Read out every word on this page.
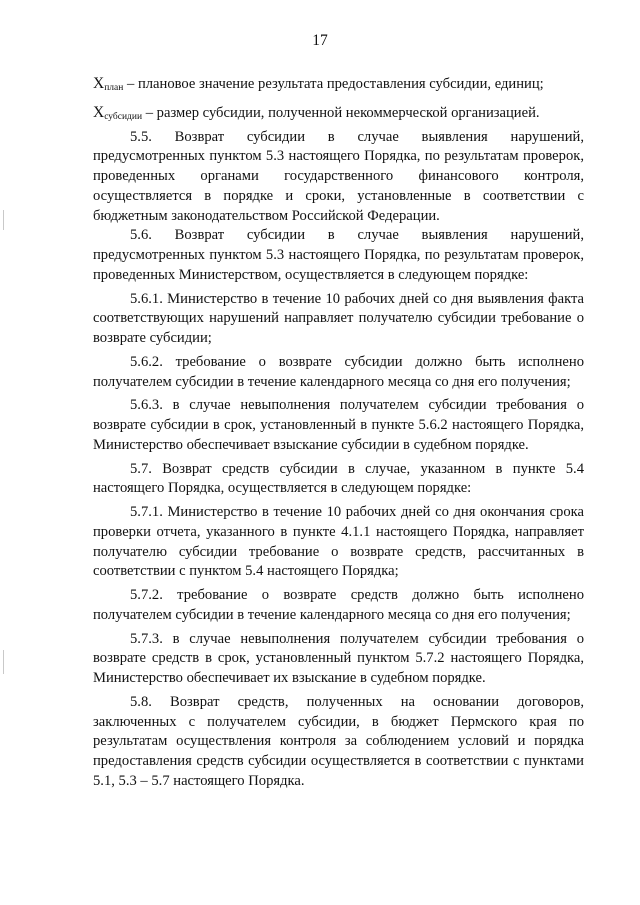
17

$X_{план}$ – плановое значение результата предоставления субсидии, единиц;

$X_{субсидии}$ – размер субсидии, полученной некоммерческой организацией.

5.5. Возврат субсидии в случае выявления нарушений, предусмотренных пунктом 5.3 настоящего Порядка, по результатам проверок, проведенных органами государственного финансового контроля, осуществляется в порядке и сроки, установленные в соответствии с бюджетным законодательством Российской Федерации.

5.6. Возврат субсидии в случае выявления нарушений, предусмотренных пунктом 5.3 настоящего Порядка, по результатам проверок, проведенных Министерством, осуществляется в следующем порядке:

5.6.1. Министерство в течение 10 рабочих дней со дня выявления факта соответствующих нарушений направляет получателю субсидии требование о возврате субсидии;

5.6.2. требование о возврате субсидии должно быть исполнено получателем субсидии в течение календарного месяца со дня его получения;

5.6.3. в случае невыполнения получателем субсидии требования о возврате субсидии в срок, установленный в пункте 5.6.2 настоящего Порядка, Министерство обеспечивает взыскание субсидии в судебном порядке.

5.7. Возврат средств субсидии в случае, указанном в пункте 5.4 настоящего Порядка, осуществляется в следующем порядке:

5.7.1. Министерство в течение 10 рабочих дней со дня окончания срока проверки отчета, указанного в пункте 4.1.1 настоящего Порядка, направляет получателю субсидии требование о возврате средств, рассчитанных в соответствии с пунктом 5.4 настоящего Порядка;

5.7.2. требование о возврате средств должно быть исполнено получателем субсидии в течение календарного месяца со дня его получения;

5.7.3. в случае невыполнения получателем субсидии требования о возврате средств в срок, установленный пунктом 5.7.2 настоящего Порядка, Министерство обеспечивает их взыскание в судебном порядке.

5.8. Возврат средств, полученных на основании договоров, заключенных с получателем субсидии, в бюджет Пермского края по результатам осуществления контроля за соблюдением условий и порядка предоставления средств субсидии осуществляется в соответствии с пунктами 5.1, 5.3 – 5.7 настоящего Порядка.
